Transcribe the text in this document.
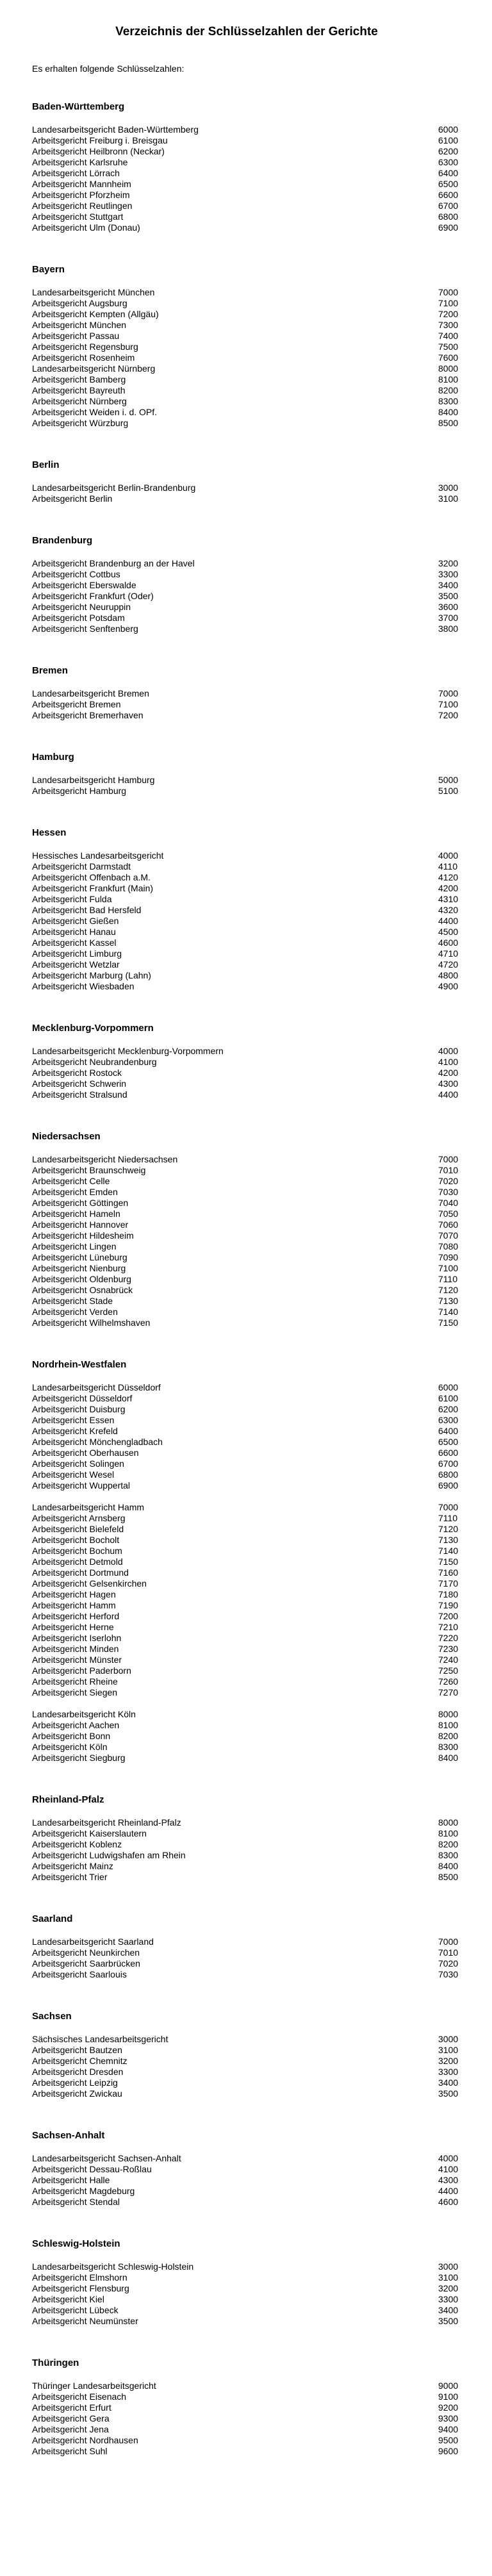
Verzeichnis der Schlüsselzahlen der Gerichte

Es erhalten folgende Schlüsselzahlen:

Baden-Württemberg
Landesarbeitsgericht Baden-Württemberg	6000
Arbeitsgericht Freiburg i. Breisgau	6100
Arbeitsgericht Heilbronn (Neckar)	6200
Arbeitsgericht Karlsruhe	6300
Arbeitsgericht Lörrach	6400
Arbeitsgericht Mannheim	6500
Arbeitsgericht Pforzheim	6600
Arbeitsgericht Reutlingen	6700
Arbeitsgericht Stuttgart	6800
Arbeitsgericht Ulm (Donau)	6900
Bayern
Landesarbeitsgericht München	7000
Arbeitsgericht Augsburg	7100
Arbeitsgericht Kempten (Allgäu)	7200
Arbeitsgericht München	7300
Arbeitsgericht Passau	7400
Arbeitsgericht Regensburg	7500
Arbeitsgericht Rosenheim	7600
Landesarbeitsgericht Nürnberg	8000
Arbeitsgericht Bamberg	8100
Arbeitsgericht Bayreuth	8200
Arbeitsgericht Nürnberg	8300
Arbeitsgericht Weiden i. d. OPf.	8400
Arbeitsgericht Würzburg	8500
Berlin
Landesarbeitsgericht Berlin-Brandenburg	3000
Arbeitsgericht Berlin	3100
Brandenburg
Arbeitsgericht Brandenburg an der Havel	3200
Arbeitsgericht Cottbus	3300
Arbeitsgericht Eberswalde	3400
Arbeitsgericht Frankfurt (Oder)	3500
Arbeitsgericht Neuruppin	3600
Arbeitsgericht Potsdam	3700
Arbeitsgericht Senftenberg	3800
Bremen
Landesarbeitsgericht Bremen	7000
Arbeitsgericht Bremen	7100
Arbeitsgericht Bremerhaven	7200
Hamburg
Landesarbeitsgericht Hamburg	5000
Arbeitsgericht Hamburg	5100
Hessen
Hessisches Landesarbeitsgericht	4000
Arbeitsgericht Darmstadt	4110
Arbeitsgericht Offenbach a.M.	4120
Arbeitsgericht Frankfurt (Main)	4200
Arbeitsgericht Fulda	4310
Arbeitsgericht Bad Hersfeld	4320
Arbeitsgericht Gießen	4400
Arbeitsgericht Hanau	4500
Arbeitsgericht Kassel	4600
Arbeitsgericht Limburg	4710
Arbeitsgericht Wetzlar	4720
Arbeitsgericht Marburg (Lahn)	4800
Arbeitsgericht Wiesbaden	4900
Mecklenburg-Vorpommern
Landesarbeitsgericht Mecklenburg-Vorpommern	4000
Arbeitsgericht Neubrandenburg	4100
Arbeitsgericht Rostock	4200
Arbeitsgericht Schwerin	4300
Arbeitsgericht Stralsund	4400
Niedersachsen
Landesarbeitsgericht Niedersachsen	7000
Arbeitsgericht Braunschweig	7010
Arbeitsgericht Celle	7020
Arbeitsgericht Emden	7030
Arbeitsgericht Göttingen	7040
Arbeitsgericht Hameln	7050
Arbeitsgericht Hannover	7060
Arbeitsgericht Hildesheim	7070
Arbeitsgericht Lingen	7080
Arbeitsgericht Lüneburg	7090
Arbeitsgericht Nienburg	7100
Arbeitsgericht Oldenburg	7110
Arbeitsgericht Osnabrück	7120
Arbeitsgericht Stade	7130
Arbeitsgericht Verden	7140
Arbeitsgericht Wilhelmshaven	7150
Nordrhein-Westfalen
Landesarbeitsgericht Düsseldorf	6000
Arbeitsgericht Düsseldorf	6100
Arbeitsgericht Duisburg	6200
Arbeitsgericht Essen	6300
Arbeitsgericht Krefeld	6400
Arbeitsgericht Mönchengladbach	6500
Arbeitsgericht Oberhausen	6600
Arbeitsgericht Solingen	6700
Arbeitsgericht Wesel	6800
Arbeitsgericht Wuppertal	6900
Landesarbeitsgericht Hamm	7000
Arbeitsgericht Arnsberg	7110
Arbeitsgericht Bielefeld	7120
Arbeitsgericht Bocholt	7130
Arbeitsgericht Bochum	7140
Arbeitsgericht Detmold	7150
Arbeitsgericht Dortmund	7160
Arbeitsgericht Gelsenkirchen	7170
Arbeitsgericht Hagen	7180
Arbeitsgericht Hamm	7190
Arbeitsgericht Herford	7200
Arbeitsgericht Herne	7210
Arbeitsgericht Iserlohn	7220
Arbeitsgericht Minden	7230
Arbeitsgericht Münster	7240
Arbeitsgericht Paderborn	7250
Arbeitsgericht Rheine	7260
Arbeitsgericht Siegen	7270
Landesarbeitsgericht Köln	8000
Arbeitsgericht Aachen	8100
Arbeitsgericht Bonn	8200
Arbeitsgericht Köln	8300
Arbeitsgericht Siegburg	8400
Rheinland-Pfalz
Landesarbeitsgericht Rheinland-Pfalz	8000
Arbeitsgericht Kaiserslautern	8100
Arbeitsgericht Koblenz	8200
Arbeitsgericht Ludwigshafen am Rhein	8300
Arbeitsgericht Mainz	8400
Arbeitsgericht Trier	8500
Saarland
Landesarbeitsgericht Saarland	7000
Arbeitsgericht Neunkirchen	7010
Arbeitsgericht Saarbrücken	7020
Arbeitsgericht Saarlouis	7030
Sachsen
Sächsisches Landesarbeitsgericht	3000
Arbeitsgericht Bautzen	3100
Arbeitsgericht Chemnitz	3200
Arbeitsgericht Dresden	3300
Arbeitsgericht Leipzig	3400
Arbeitsgericht Zwickau	3500
Sachsen-Anhalt
Landesarbeitsgericht Sachsen-Anhalt	4000
Arbeitsgericht Dessau-Roßlau	4100
Arbeitsgericht Halle	4300
Arbeitsgericht Magdeburg	4400
Arbeitsgericht Stendal	4600
Schleswig-Holstein
Landesarbeitsgericht Schleswig-Holstein	3000
Arbeitsgericht Elmshorn	3100
Arbeitsgericht Flensburg	3200
Arbeitsgericht Kiel	3300
Arbeitsgericht Lübeck	3400
Arbeitsgericht Neumünster	3500
Thüringen
Thüringer Landesarbeitsgericht	9000
Arbeitsgericht Eisenach	9100
Arbeitsgericht Erfurt	9200
Arbeitsgericht Gera	9300
Arbeitsgericht Jena	9400
Arbeitsgericht Nordhausen	9500
Arbeitsgericht Suhl	9600
